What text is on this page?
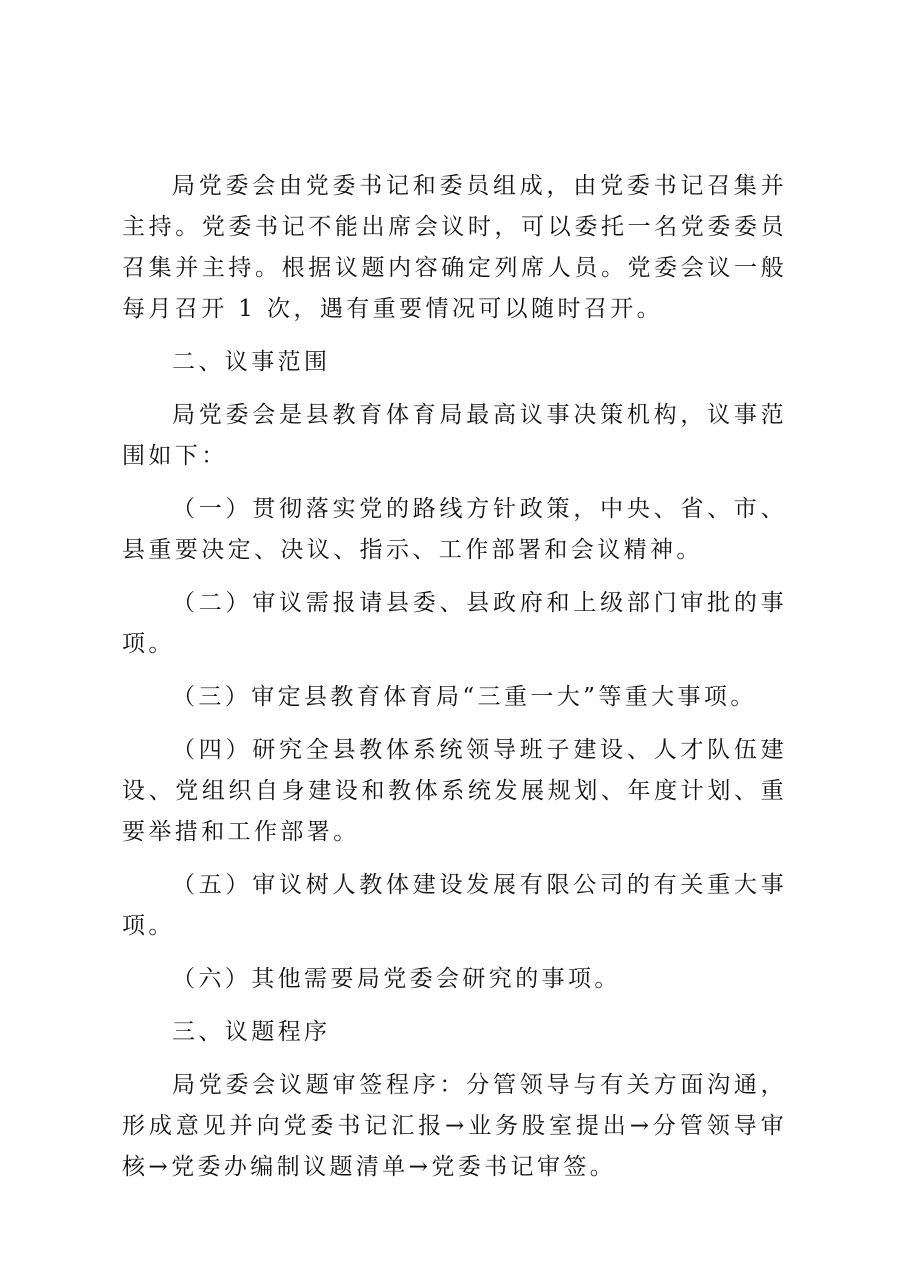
局党委会由党委书记和委员组成，由党委书记召集并主持。党委书记不能出席会议时，可以委托一名党委委员召集并主持。根据议题内容确定列席人员。党委会议一般每月召开 1 次，遇有重要情况可以随时召开。

二、议事范围

局党委会是县教育体育局最高议事决策机构，议事范围如下：

（一）贯彻落实党的路线方针政策，中央、省、市、县重要决定、决议、指示、工作部署和会议精神。

（二）审议需报请县委、县政府和上级部门审批的事项。

（三）审定县教育体育局“三重一大”等重大事项。

（四）研究全县教体系统领导班子建设、人才队伍建设、党组织自身建设和教体系统发展规划、年度计划、重要举措和工作部署。

（五）审议树人教体建设发展有限公司的有关重大事项。

（六）其他需要局党委会研究的事项。

三、议题程序

局党委会议题审签程序：分管领导与有关方面沟通，形成意见并向党委书记汇报→业务股室提出→分管领导审核→党委办编制议题清单→党委书记审签。
